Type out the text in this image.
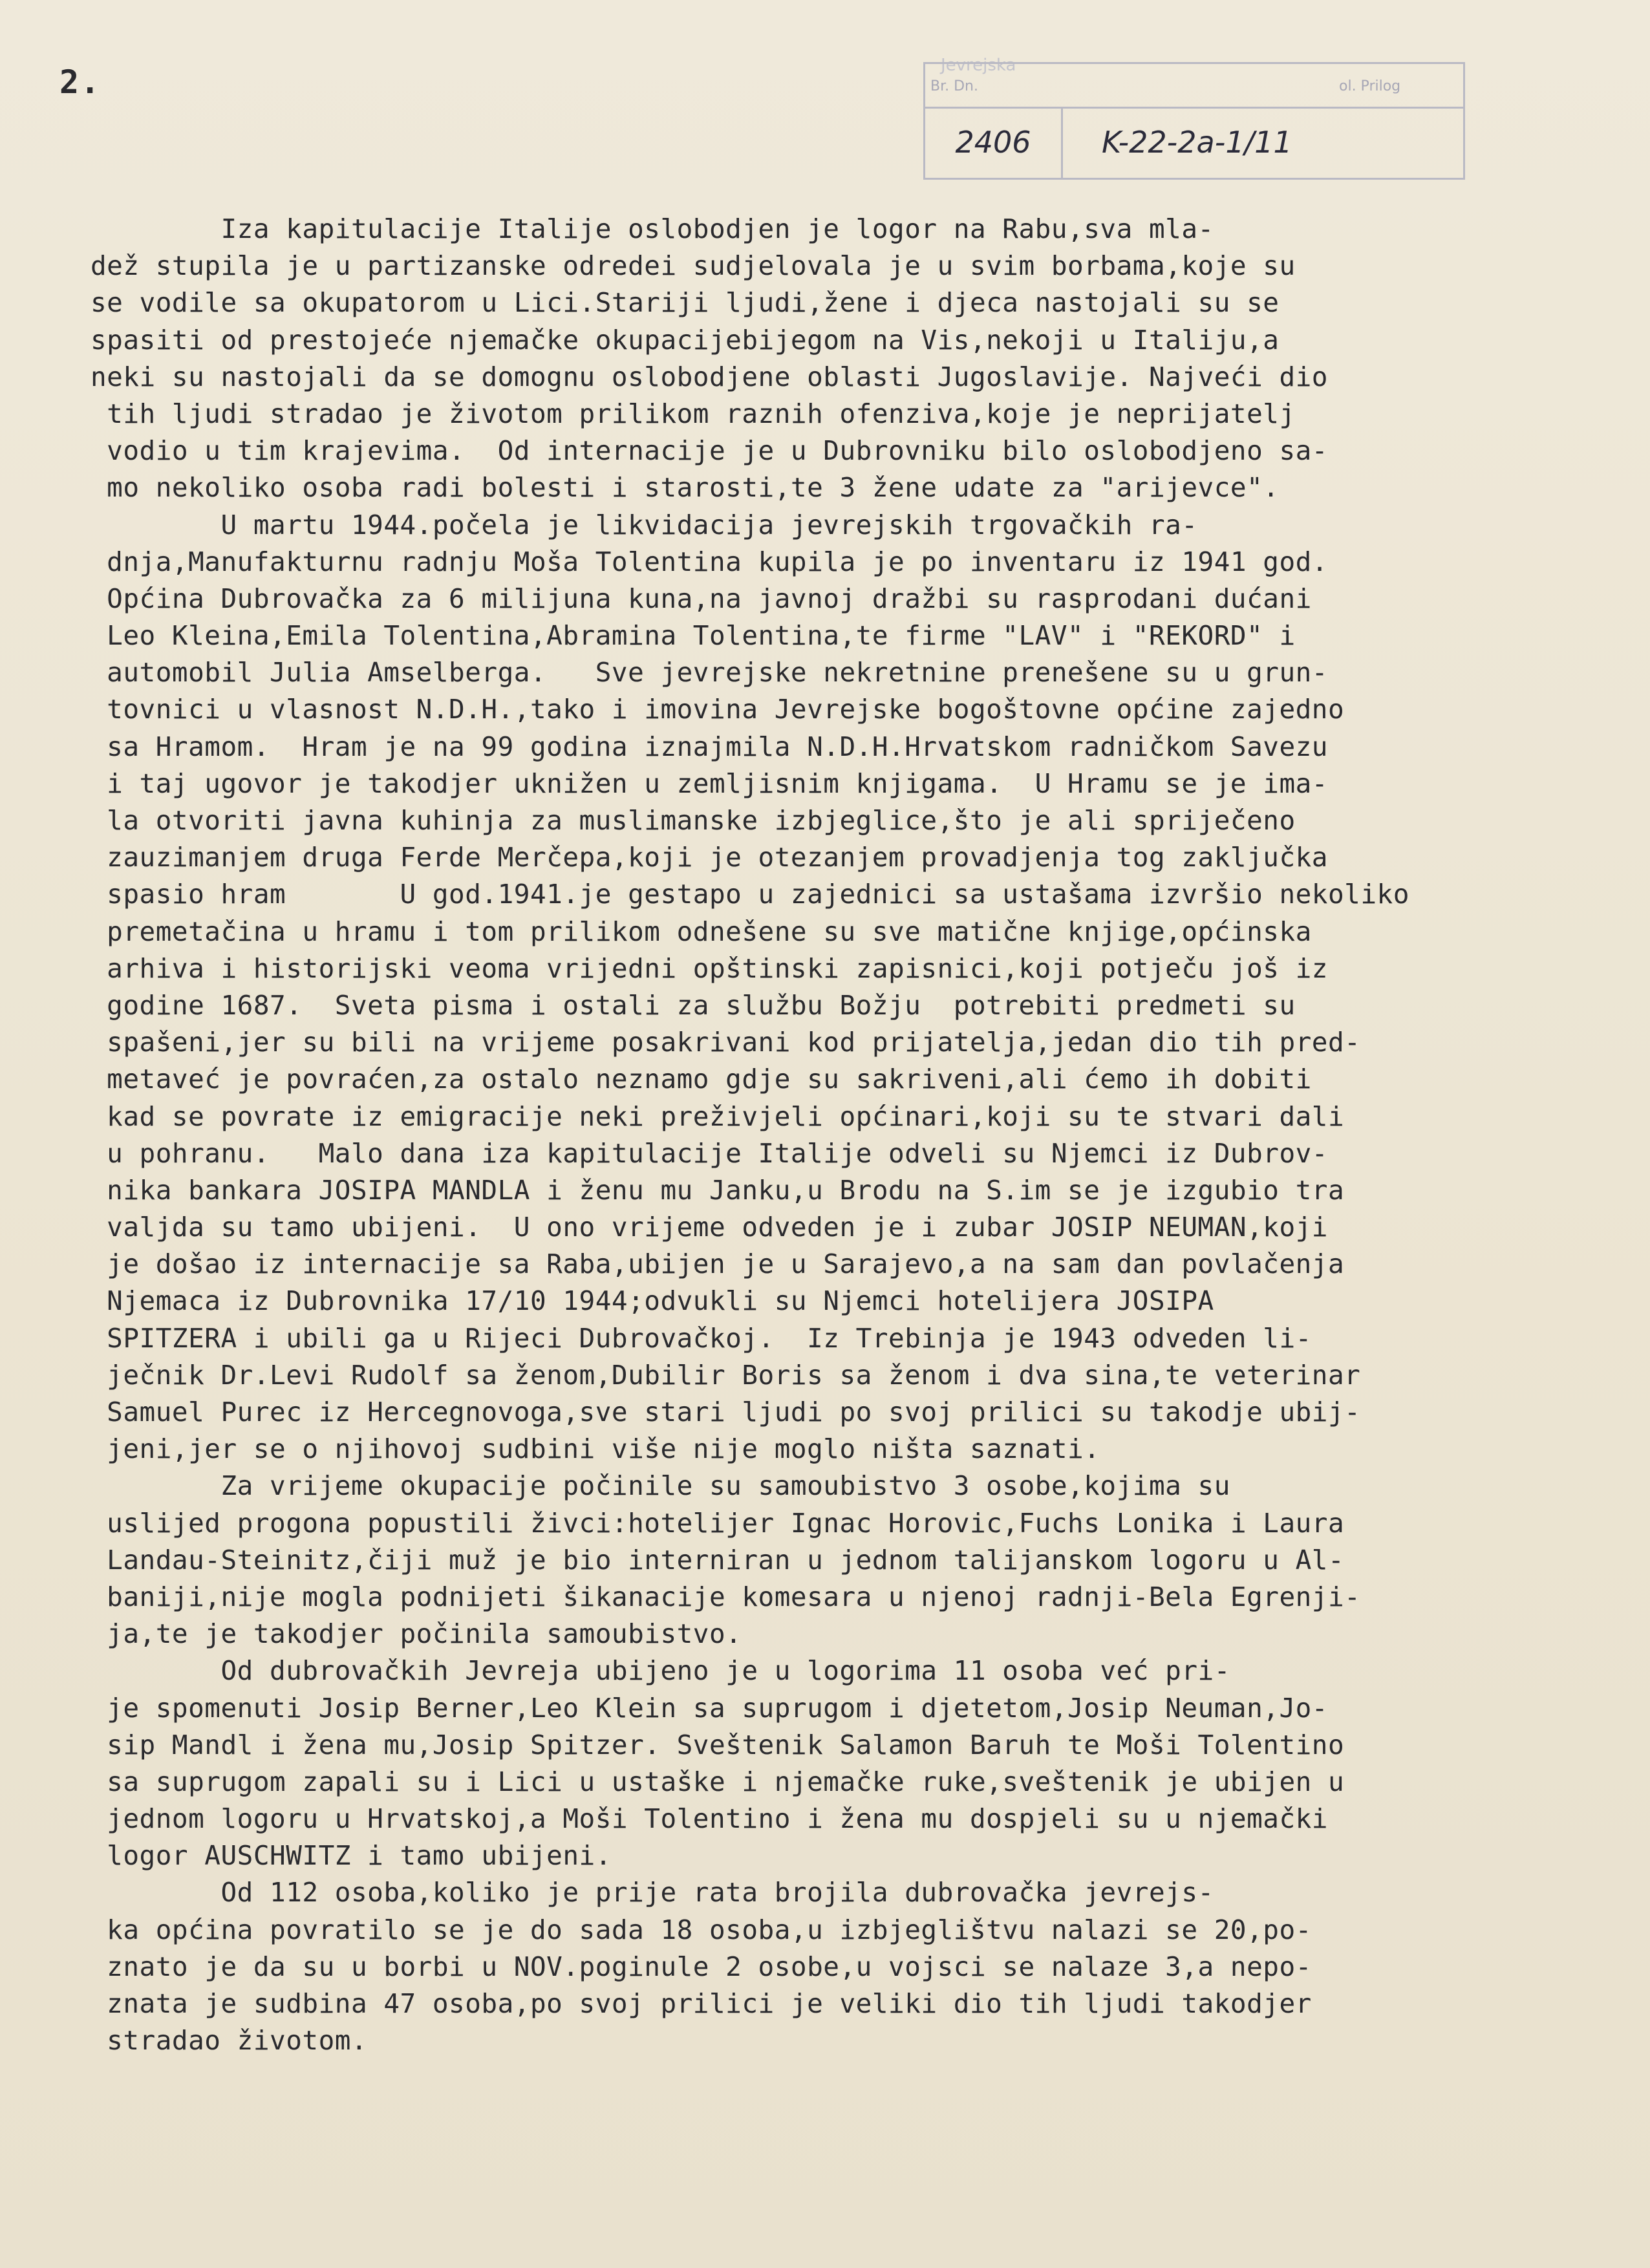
2.	Jevrejska
Br. Dn.	ol. Prilog
2406	K-22-2a-1/11
Iza kapitulacije Italije oslobodjen je logor na Rabu,sva mla-
dež stupila je u partizanske odredei sudjelovala je u svim borbama,koje su
se vodile sa okupatorom u Lici.Stariji ljudi,žene i djeca nastojali su se
spasiti od prestojeće njemačke okupacijebijegom na Vis,nekoji u Italiju,a
neki su nastojali da se domognu oslobodjene oblasti Jugoslavije. Najveći dio
tih ljudi stradao je životom prilikom raznih ofenziva,koje je neprijatelj
vodio u tim krajevima.  Od internacije je u Dubrovniku bilo oslobodjeno sa-
mo nekoliko osoba radi bolesti i starosti,te 3 žene udate za "arijevce".
U martu 1944.počela je likvidacija jevrejskih trgovačkih ra-
dnja,Manufakturnu radnju Moša Tolentina kupila je po inventaru iz 1941 god.
Općina Dubrovačka za 6 milijuna kuna,na javnoj dražbi su rasprodani dućani
Leo Kleina,Emila Tolentina,Abramina Tolentina,te firme "LAV" i "REKORD" i
automobil Julia Amselberga.   Sve jevrejske nekretnine prenešene su u grun-
tovnici u vlasnost N.D.H.,tako i imovina Jevrejske bogoštovne općine zajedno
sa Hramom.  Hram je na 99 godina iznajmila N.D.H.Hrvatskom radničkom Savezu
i taj ugovor je takodjer uknižen u zemljisnim knjigama.  U Hramu se je ima-
la otvoriti javna kuhinja za muslimanske izbjeglice,što je ali spriječeno
zauzimanjem druga Ferde Merčepa,koji je otezanjem provadjenja tog zaključka
spasio hram       U god.1941.je gestapo u zajednici sa ustašama izvršio nekoliko
premetačina u hramu i tom prilikom odnešene su sve matične knjige,općinska
arhiva i historijski veoma vrijedni opštinski zapisnici,koji potječu još iz
godine 1687.  Sveta pisma i ostali za službu Božju  potrebiti predmeti su
spašeni,jer su bili na vrijeme posakrivani kod prijatelja,jedan dio tih pred-
metaveć je povraćen,za ostalo neznamo gdje su sakriveni,ali ćemo ih dobiti
kad se povrate iz emigracije neki preživjeli općinari,koji su te stvari dali
u pohranu.   Malo dana iza kapitulacije Italije odveli su Njemci iz Dubrov-
nika bankara JOSIPA MANDLA i ženu mu Janku,u Brodu na S.im se je izgubio tra
valjda su tamo ubijeni.  U ono vrijeme odveden je i zubar JOSIP NEUMAN,koji
je došao iz internacije sa Raba,ubijen je u Sarajevo,a na sam dan povlačenja
Njemaca iz Dubrovnika 17/10 1944;odvukli su Njemci hotelijera JOSIPA
SPITZERA i ubili ga u Rijeci Dubrovačkoj.  Iz Trebinja je 1943 odveden li-
ječnik Dr.Levi Rudolf sa ženom,Dubilir Boris sa ženom i dva sina,te veterinar
Samuel Purec iz Hercegnovoga,sve stari ljudi po svoj prilici su takodje ubij-
jeni,jer se o njihovoj sudbini više nije moglo ništa saznati.
Za vrijeme okupacije počinile su samoubistvo 3 osobe,kojima su
uslijed progona popustili živci:hotelijer Ignac Horovic,Fuchs Lonika i Laura
Landau-Steinitz,čiji muž je bio interniran u jednom talijanskom logoru u Al-
baniji,nije mogla podnijeti šikanacije komesara u njenoj radnji-Bela Egrenji-
ja,te je takodjer počinila samoubistvo.
Od dubrovačkih Jevreja ubijeno je u logorima 11 osoba već pri-
je spomenuti Josip Berner,Leo Klein sa suprugom i djetetom,Josip Neuman,Jo-
sip Mandl i žena mu,Josip Spitzer. Sveštenik Salamon Baruh te Moši Tolentino
sa suprugom zapali su i Lici u ustaške i njemačke ruke,sveštenik je ubijen u
jednom logoru u Hrvatskoj,a Moši Tolentino i žena mu dospjeli su u njemački
logor AUSCHWITZ i tamo ubijeni.
Od 112 osoba,koliko je prije rata brojila dubrovačka jevrejs-
ka općina povratilo se je do sada 18 osoba,u izbjeglištvu nalazi se 20,po-
znato je da su u borbi u NOV.poginule 2 osobe,u vojsci se nalaze 3,a nepo-
znata je sudbina 47 osoba,po svoj prilici je veliki dio tih ljudi takodjer
stradao životom.
